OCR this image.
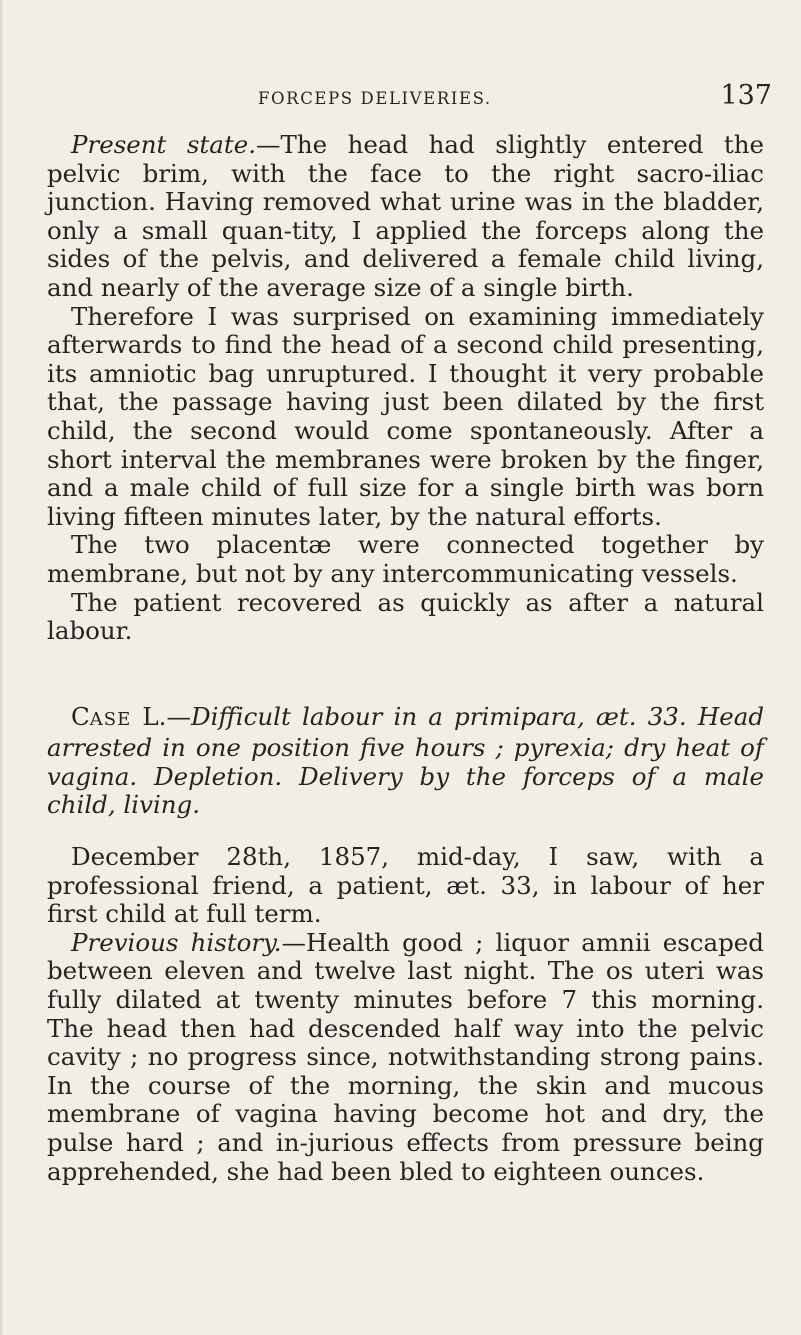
FORCEPS DELIVERIES.	137

Present state.—The head had slightly entered the pelvic brim, with the face to the right sacro-iliac junction. Having removed what urine was in the bladder, only a small quan-tity, I applied the forceps along the sides of the pelvis, and delivered a female child living, and nearly of the average size of a single birth.

Therefore I was surprised on examining immediately afterwards to find the head of a second child presenting, its amniotic bag unruptured. I thought it very probable that, the passage having just been dilated by the first child, the second would come spontaneously. After a short interval the membranes were broken by the finger, and a male child of full size for a single birth was born living fifteen minutes later, by the natural efforts.

The two placentæ were connected together by membrane, but not by any intercommunicating vessels.

The patient recovered as quickly as after a natural labour.

CASE L.—Difficult labour in a primipara, æt. 33. Head arrested in one position five hours ; pyrexia; dry heat of vagina. Depletion. Delivery by the forceps of a male child, living.

December 28th, 1857, mid-day, I saw, with a professional friend, a patient, æt. 33, in labour of her first child at full term.

Previous history.—Health good ; liquor amnii escaped between eleven and twelve last night. The os uteri was fully dilated at twenty minutes before 7 this morning. The head then had descended half way into the pelvic cavity ; no progress since, notwithstanding strong pains. In the course of the morning, the skin and mucous membrane of vagina having become hot and dry, the pulse hard ; and in-jurious effects from pressure being apprehended, she had been bled to eighteen ounces.
